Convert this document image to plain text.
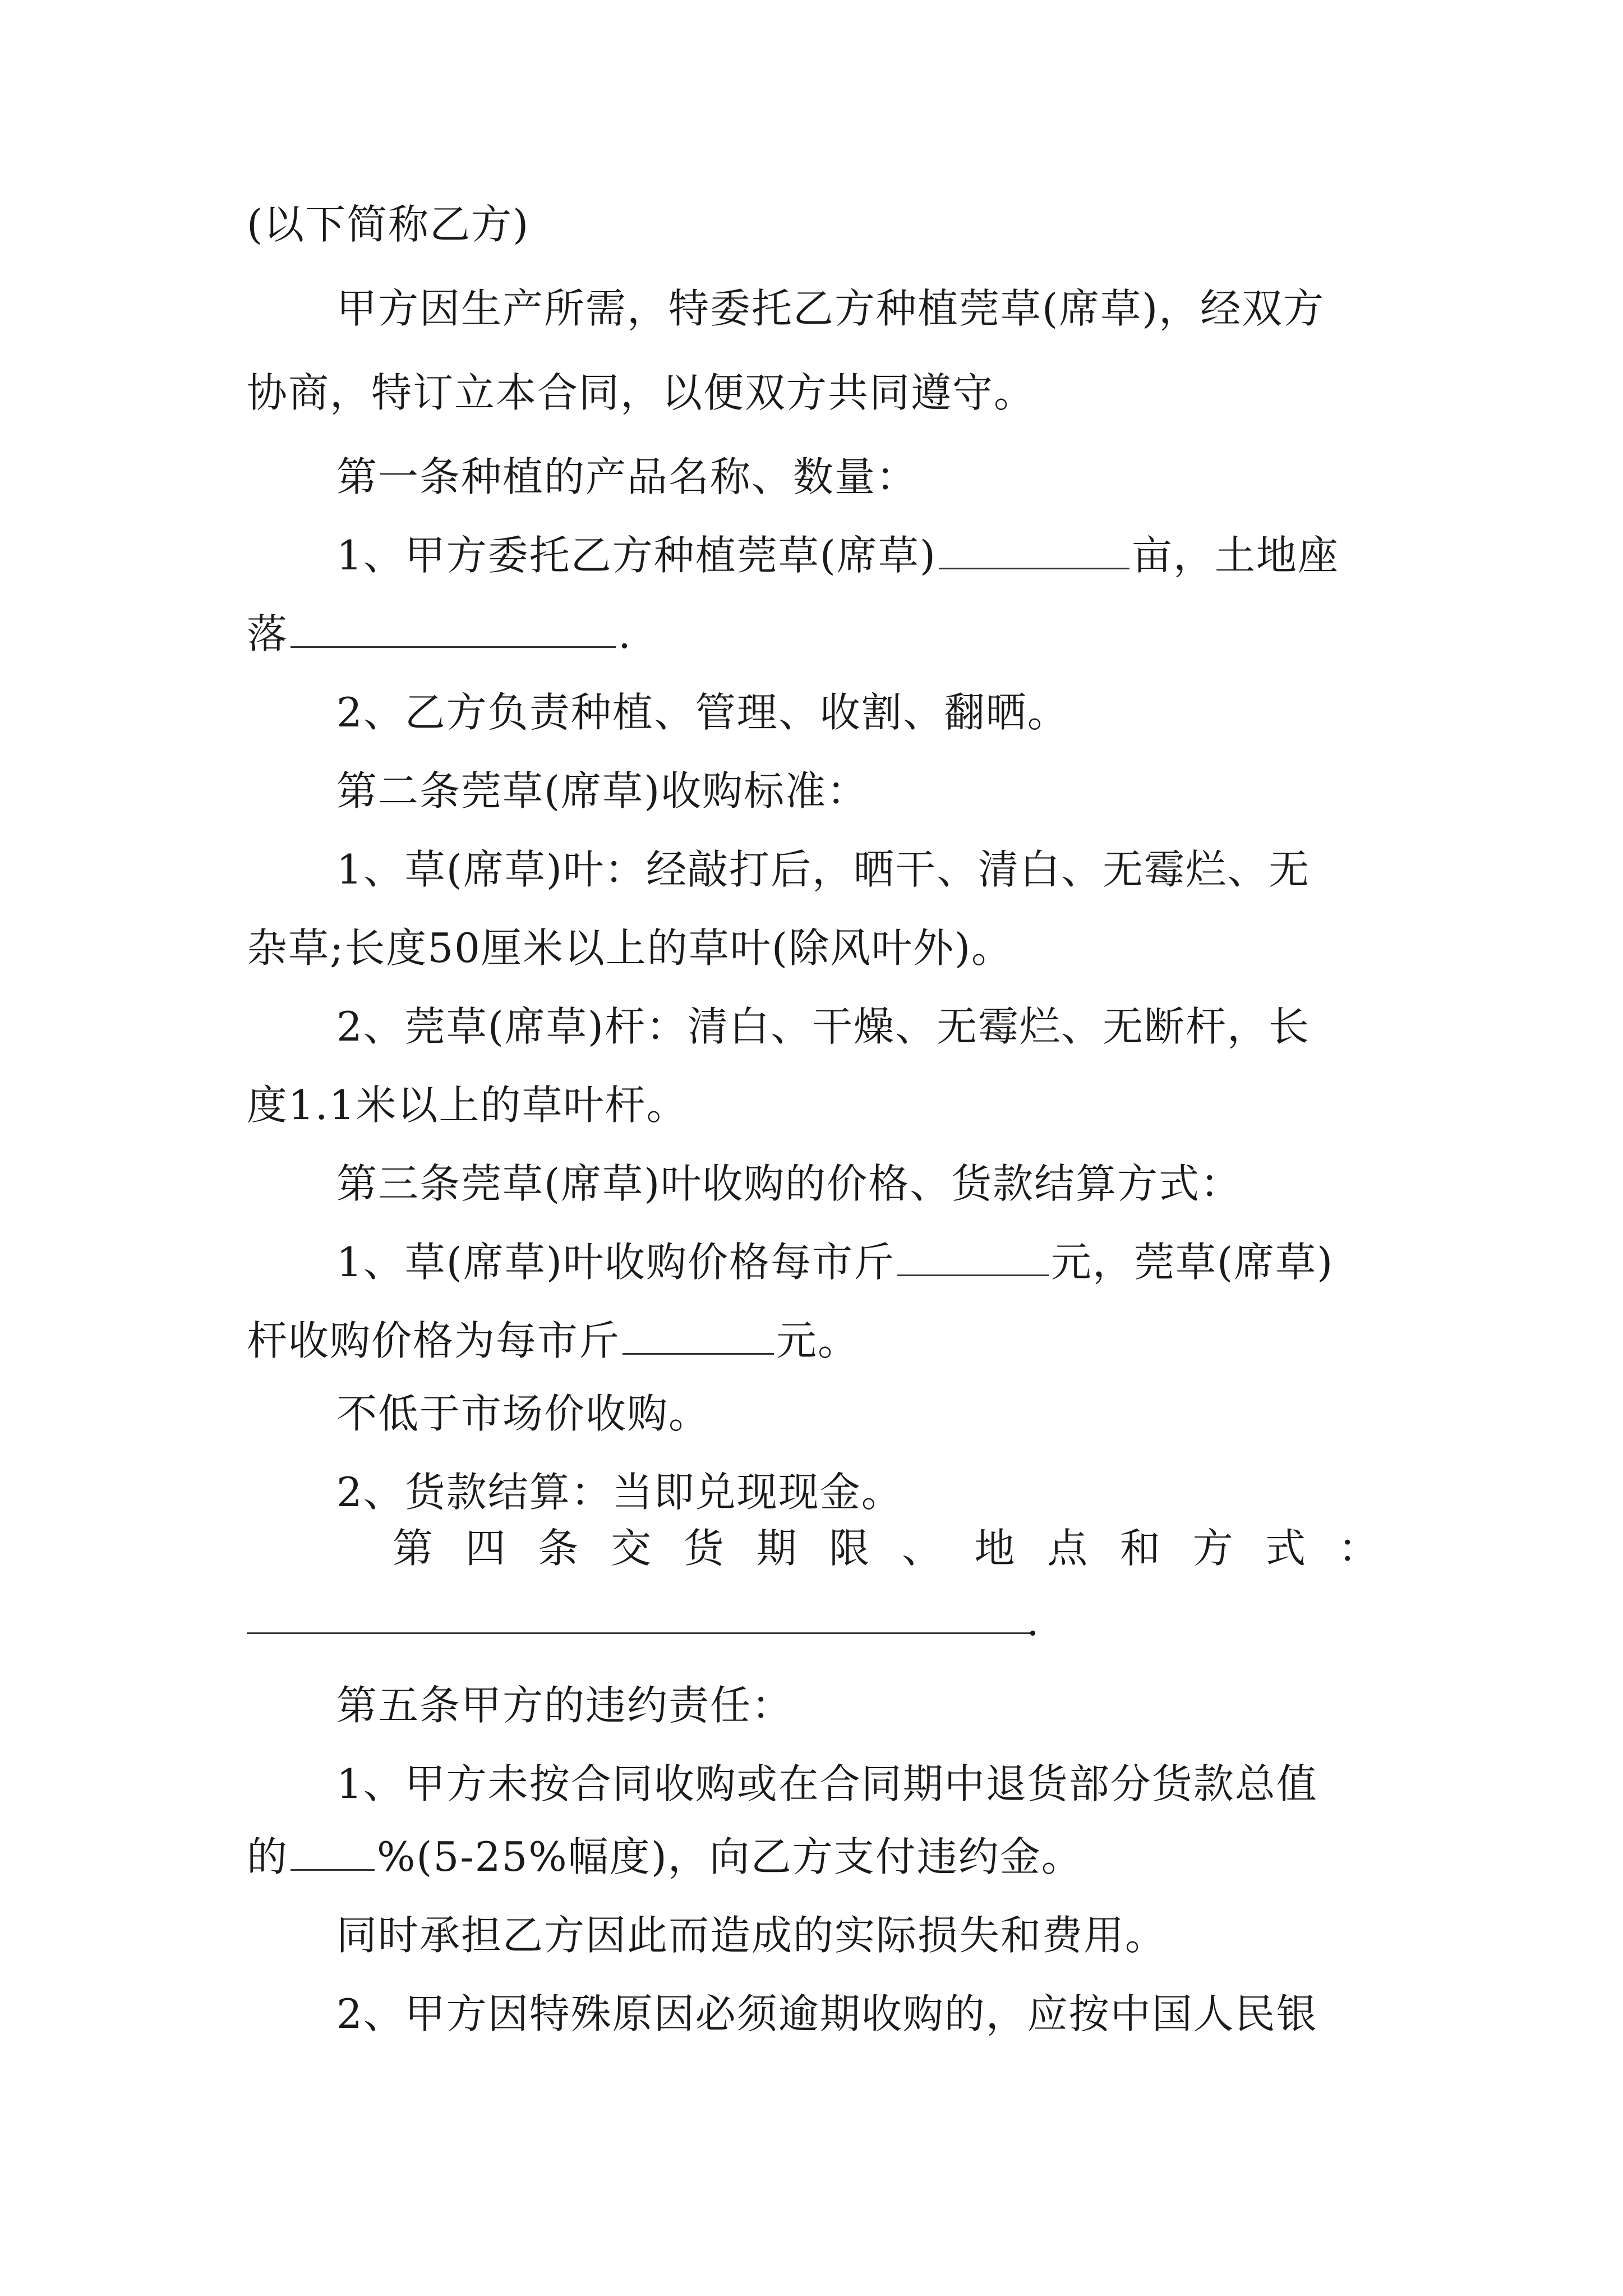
(以下简称乙方)
甲方因生产所需，特委托乙方种植莞草(席草)，经双方
协商，特订立本合同，以便双方共同遵守。
第一条种植的产品名称、数量：
1、甲方委托乙方种植莞草(席草)	亩，土地座
落	.
2、乙方负责种植、管理、收割、翻晒。
第二条莞草(席草)收购标准：
1、草(席草)叶：经敲打后，晒干、清白、无霉烂、无
杂草;长度50厘米以上的草叶(除风叶外)。
2、莞草(席草)杆：清白、干燥、无霉烂、无断杆，长
度1.1米以上的草叶杆。
第三条莞草(席草)叶收购的价格、货款结算方式：
1、草(席草)叶收购价格每市斤	元，莞草(席草)
杆收购价格为每市斤	元。
不低于市场价收购。
2、货款结算：当即兑现现金。
第 四 条 交 货 期 限 、 地 点 和 方 式 ：
.
第五条甲方的违约责任：
1、甲方未按合同收购或在合同期中退货部分货款总值
的 %(5-25%幅度)，向乙方支付违约金。
同时承担乙方因此而造成的实际损失和费用。
2、甲方因特殊原因必须逾期收购的，应按中国人民银
